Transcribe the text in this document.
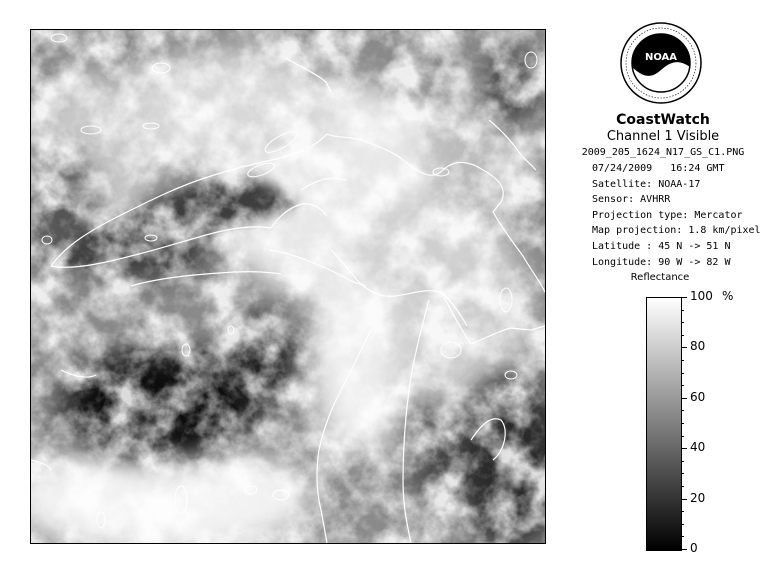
NOAA
CoastWatch
Channel 1 Visible
2009_205_1624_N17_GS_C1.PNG
07/24/2009 16:24 GMT
Satellite: NOAA-17
Sensor: AVHRR
Projection type: Mercator
Map projection: 1.8 km/pixel
Latitude : 45 N -> 51 N
Longitude: 90 W -> 82 W
Reflectance
%
100
80
60
40
20
0
